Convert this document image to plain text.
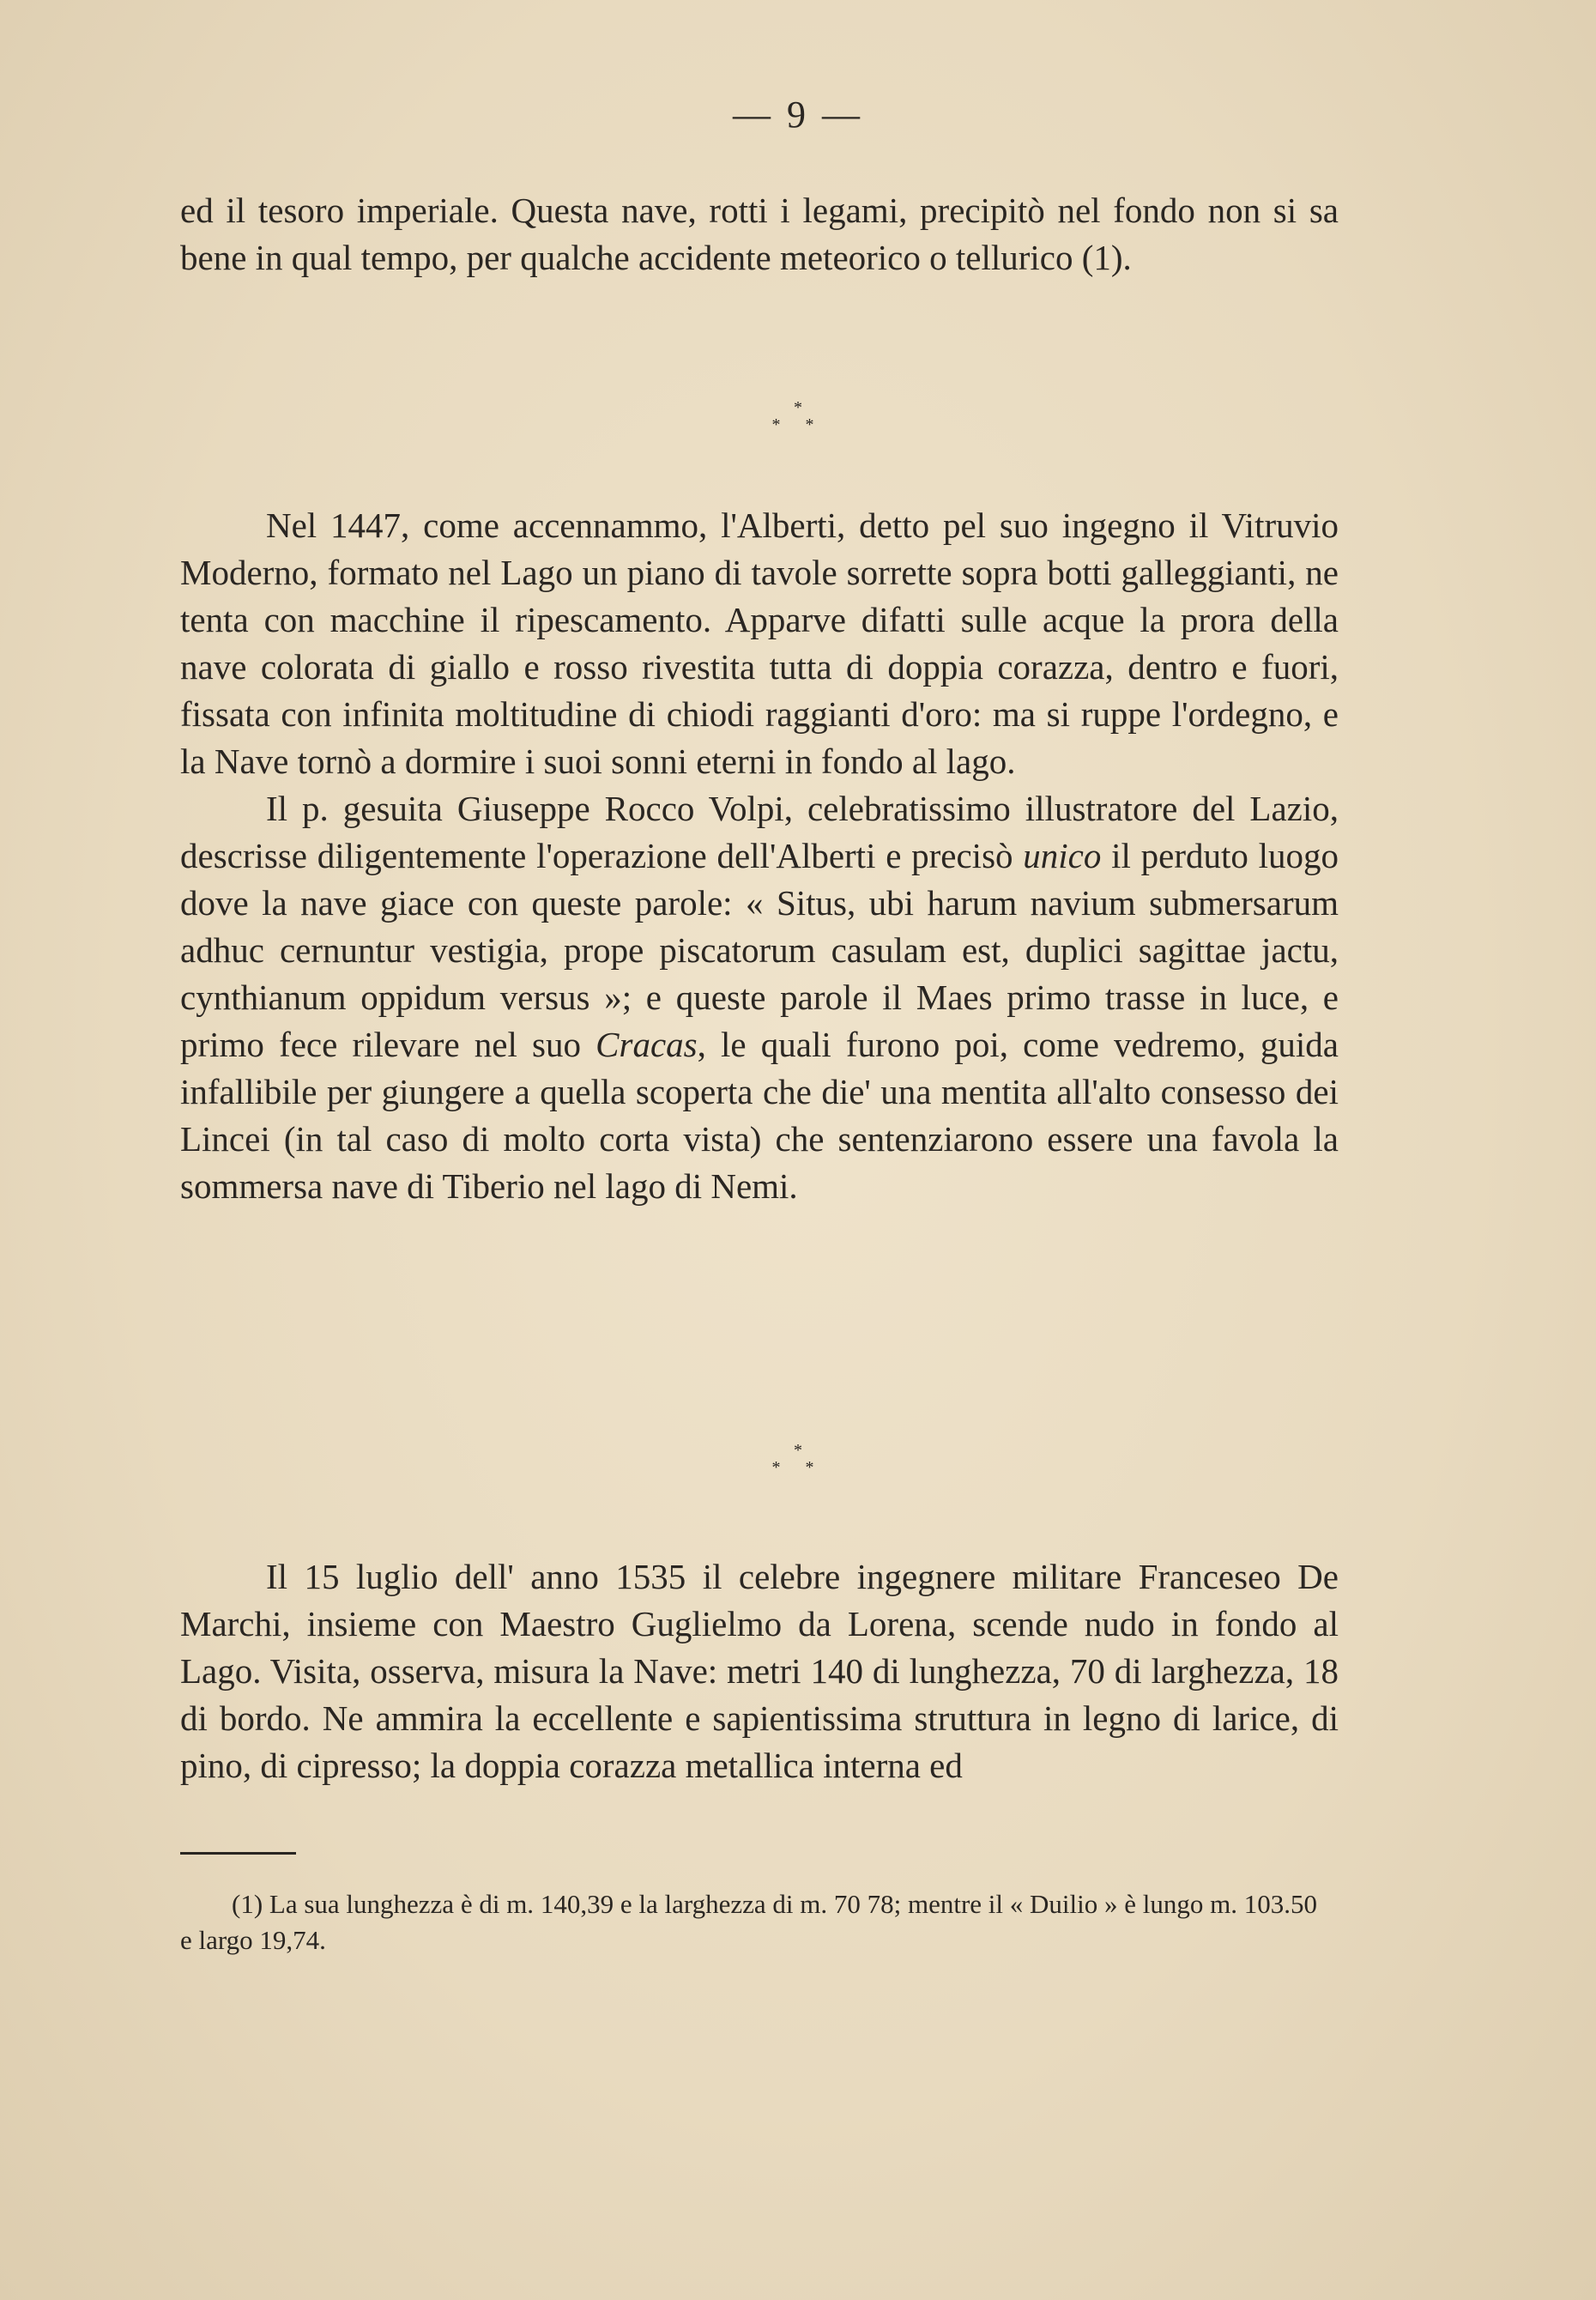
— 9 —

ed il tesoro imperiale. Questa nave, rotti i legami, precipitò nel fondo non si sa bene in qual tempo, per qualche accidente meteorico o tellurico (1).

*
* *

Nel 1447, come accennammo, l'Alberti, detto pel suo ingegno il Vitruvio Moderno, formato nel Lago un piano di tavole sorrette sopra botti galleggianti, ne tenta con macchine il ripescamento. Apparve difatti sulle acque la prora della nave colorata di giallo e rosso rivestita tutta di doppia corazza, dentro e fuori, fissata con infinita moltitudine di chiodi raggianti d'oro: ma si ruppe l'ordegno, e la Nave tornò a dormire i suoi sonni eterni in fondo al lago.

Il p. gesuita Giuseppe Rocco Volpi, celebratissimo illustratore del Lazio, descrisse diligentemente l'operazione dell'Alberti e precisò unico il perduto luogo dove la nave giace con queste parole: « Situs, ubi harum navium submersarum adhuc cernuntur vestigia, prope piscatorum casulam est, duplici sagittae jactu, cynthianum oppidum versus »; e queste parole il Maes primo trasse in luce, e primo fece rilevare nel suo Cracas, le quali furono poi, come vedremo, guida infallibile per giungere a quella scoperta che die' una mentita all'alto consesso dei Lincei (in tal caso di molto corta vista) che sentenziarono essere una favola la sommersa nave di Tiberio nel lago di Nemi.

*
* *

Il 15 luglio dell' anno 1535 il celebre ingegnere militare Franceseo De Marchi, insieme con Maestro Guglielmo da Lorena, scende nudo in fondo al Lago. Visita, osserva, misura la Nave: metri 140 di lunghezza, 70 di larghezza, 18 di bordo. Ne ammira la eccellente e sapientissima struttura in legno di larice, di pino, di cipresso; la doppia corazza metallica interna ed

(1) La sua lunghezza è di m. 140,39 e la larghezza di m. 70 78; mentre il « Duilio » è lungo m. 103.50 e largo 19,74.
